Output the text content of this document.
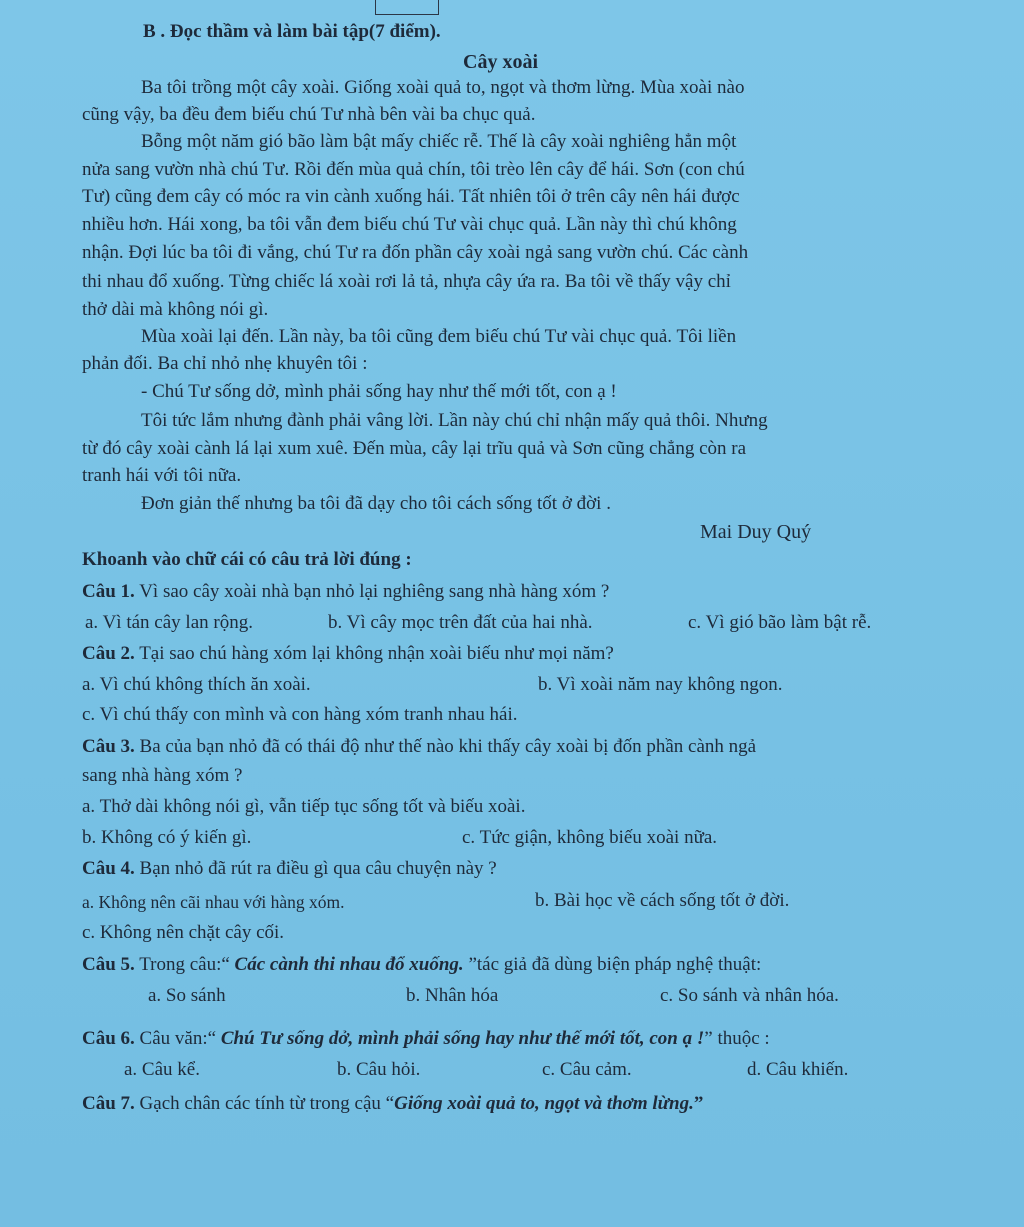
B . Đọc thầm và làm bài tập(7 điểm).
Cây xoài
Ba tôi trồng một cây xoài. Giống xoài quả to, ngọt và thơm lừng. Mùa xoài nào
cũng vậy, ba đều đem biếu chú Tư nhà bên vài ba chục quả.
Bỗng một năm gió bão làm bật mấy chiếc rễ. Thế là cây xoài nghiêng hẳn một
nửa sang vườn nhà chú Tư. Rồi đến mùa quả chín, tôi trèo lên cây để hái. Sơn (con chú
Tư) cũng đem cây có móc ra vin cành xuống hái. Tất nhiên tôi ở trên cây nên hái được
nhiều hơn. Hái xong, ba tôi vẫn đem biếu chú Tư vài chục quả. Lần này thì chú không
nhận. Đợi lúc ba tôi đi vắng, chú Tư ra đốn phần cây xoài ngả sang vườn chú. Các cành
thi nhau đổ xuống. Từng chiếc lá xoài rơi lả tả, nhựa cây ứa ra. Ba tôi về thấy vậy chỉ
thở dài mà không nói gì.
Mùa xoài lại đến. Lần này, ba tôi cũng đem biếu chú Tư vài chục quả. Tôi liền
phản đối. Ba chỉ nhỏ nhẹ khuyên tôi :
- Chú Tư sống dở, mình phải sống hay như thế mới tốt, con ạ !
Tôi tức lắm nhưng đành phải vâng lời. Lần này chú chỉ nhận mấy quả thôi. Nhưng
từ đó cây xoài cành lá lại xum xuê. Đến mùa, cây lại trĩu quả và Sơn cũng chẳng còn ra
tranh hái với tôi nữa.
Đơn giản thế nhưng ba tôi đã dạy cho tôi cách sống tốt ở đời .
Mai Duy Quý
Khoanh vào chữ cái có câu trả lời đúng :
Câu 1. Vì sao cây xoài nhà bạn nhỏ lại nghiêng sang nhà hàng xóm ?
a. Vì tán cây lan rộng.	b. Vì cây mọc trên đất của hai nhà.	c. Vì gió bão làm bật rễ.
Câu 2. Tại sao chú hàng xóm lại không nhận xoài biếu như mọi năm?
a. Vì chú không thích ăn xoài.	b. Vì xoài năm nay không ngon.
c. Vì chú thấy con mình và con hàng xóm tranh nhau hái.
Câu 3. Ba của bạn nhỏ đã có thái độ như thế nào khi thấy cây xoài bị đốn phần cành ngả
sang nhà hàng xóm ?
a. Thở dài không nói gì, vẫn tiếp tục sống tốt và biếu xoài.
b. Không có ý kiến gì.	c. Tức giận, không biếu xoài nữa.
Câu 4. Bạn nhỏ đã rút ra điều gì qua câu chuyện này ?
a. Không nên cãi nhau với hàng xóm.	b. Bài học về cách sống tốt ở đời.
c. Không nên chặt cây cối.
Câu 5. Trong câu:“ Các cành thi nhau đổ xuống. ”tác giả đã dùng biện pháp nghệ thuật:
a. So sánh	b. Nhân hóa	c. So sánh và nhân hóa.
Câu 6. Câu văn:“ Chú Tư sống dở, mình phải sống hay như thế mới tốt, con ạ !” thuộc :
a. Câu kể.	b. Câu hỏi.	c. Câu cảm.	d. Câu khiến.
Câu 7. Gạch chân các tính từ trong cậu “Giống xoài quả to, ngọt và thơm lừng.”
